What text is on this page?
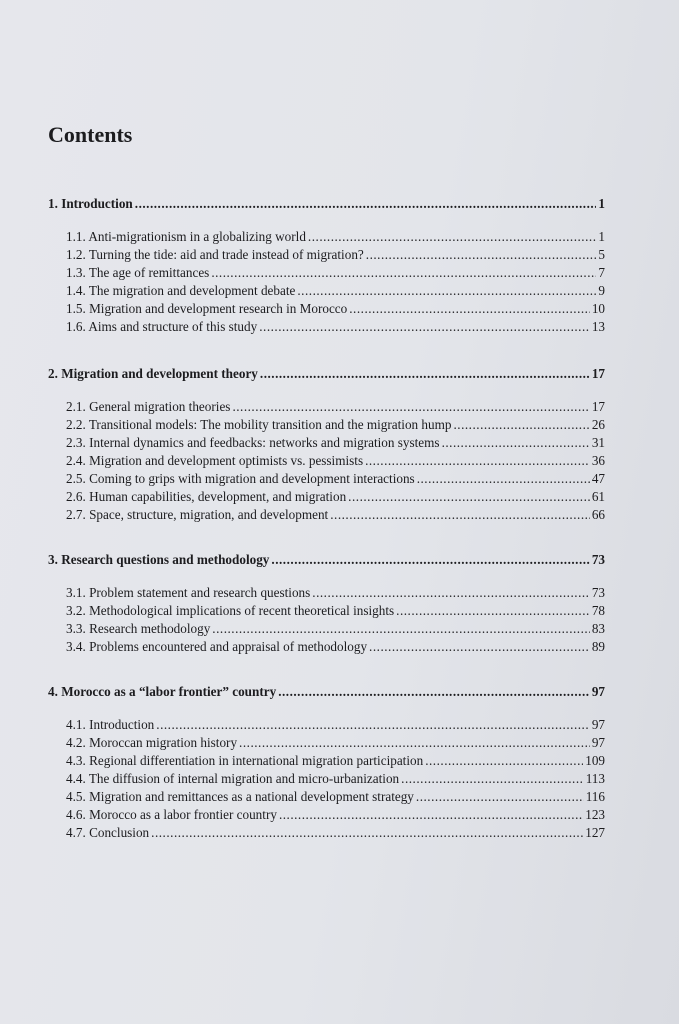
Contents
1. Introduction .....	1
1.1. Anti-migrationism in a globalizing world .....	1
1.2. Turning the tide: aid and trade instead of migration? .....	5
1.3. The age of remittances .....	7
1.4. The migration and development debate .....	9
1.5. Migration and development research in Morocco .....	10
1.6. Aims and structure of this study .....	13
2. Migration and development theory .....	17
2.1. General migration theories .....	17
2.2. Transitional models: The mobility transition and the migration hump .....	26
2.3. Internal dynamics and feedbacks: networks and migration systems .....	31
2.4. Migration and development optimists vs. pessimists .....	36
2.5. Coming to grips with migration and development interactions .....	47
2.6. Human capabilities, development, and migration .....	61
2.7. Space, structure, migration, and development .....	66
3. Research questions and methodology .....	73
3.1. Problem statement and research questions .....	73
3.2. Methodological implications of recent theoretical insights .....	78
3.3. Research methodology .....	83
3.4. Problems encountered and appraisal of methodology .....	89
4. Morocco as a “labor frontier” country .....	97
4.1. Introduction .....	97
4.2. Moroccan migration history .....	97
4.3. Regional differentiation in international migration participation .....	109
4.4. The diffusion of internal migration and micro-urbanization .....	113
4.5. Migration and remittances as a national development strategy .....	116
4.6. Morocco as a labor frontier country .....	123
4.7. Conclusion .....	127
